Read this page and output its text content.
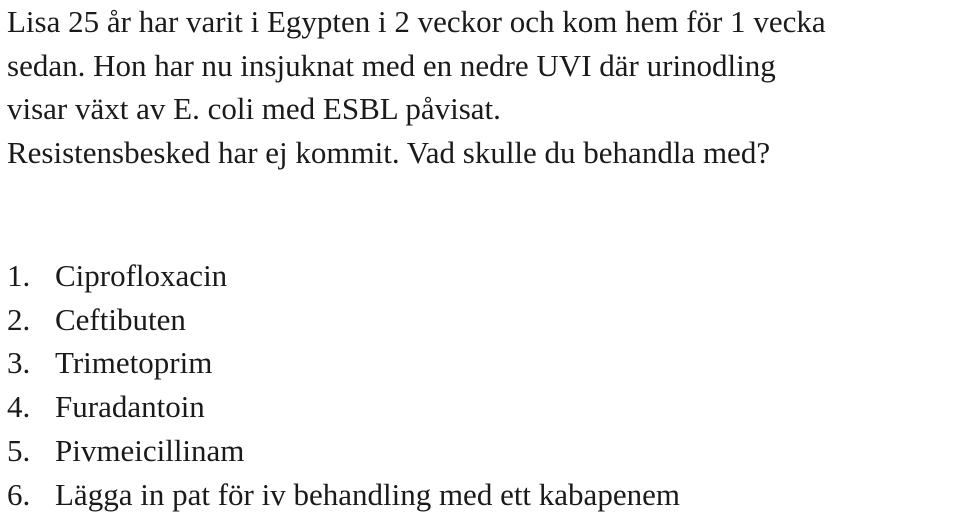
Lisa 25 år har varit i Egypten i 2 veckor och kom hem för 1 vecka
sedan. Hon har nu insjuknat med en nedre UVI där urinodling
visar växt av E. coli med ESBL påvisat.
Resistensbesked har ej kommit. Vad skulle du behandla med?
1. Ciprofloxacin
2. Ceftibuten
3. Trimetoprim
4. Furadantoin
5. Pivmeicillinam
6. Lägga in pat för iv behandling med ett kabapenem
